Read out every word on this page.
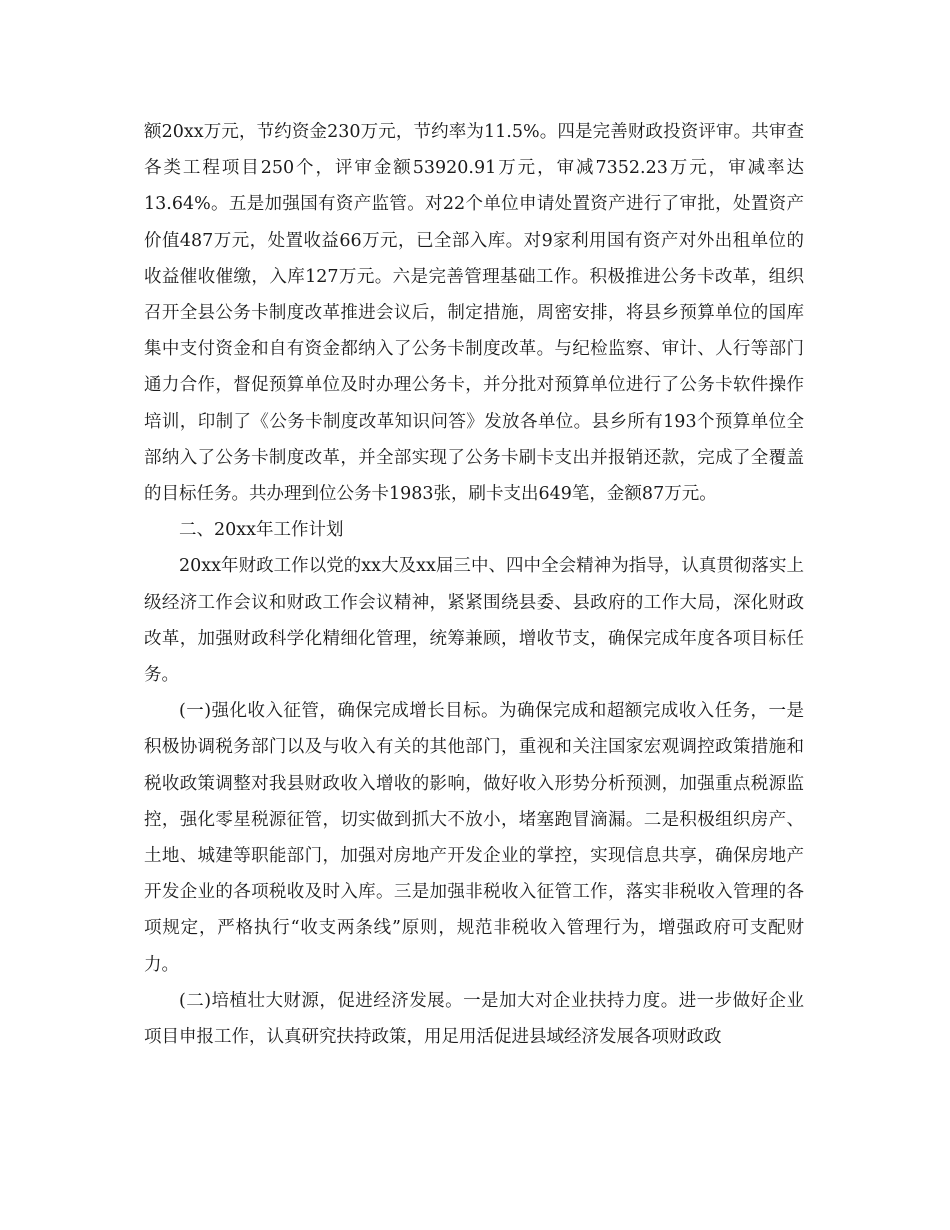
额20xx万元，节约资金230万元，节约率为11.5%。四是完善财政投资评审。共审查各类工程项目250个，评审金额53920.91万元，审减7352.23万元，审减率达13.64%。五是加强国有资产监管。对22个单位申请处置资产进行了审批，处置资产价值487万元，处置收益66万元，已全部入库。对9家利用国有资产对外出租单位的收益催收催缴，入库127万元。六是完善管理基础工作。积极推进公务卡改革，组织召开全县公务卡制度改革推进会议后，制定措施，周密安排，将县乡预算单位的国库集中支付资金和自有资金都纳入了公务卡制度改革。与纪检监察、审计、人行等部门通力合作，督促预算单位及时办理公务卡，并分批对预算单位进行了公务卡软件操作培训，印制了《公务卡制度改革知识问答》发放各单位。县乡所有193个预算单位全部纳入了公务卡制度改革，并全部实现了公务卡刷卡支出并报销还款，完成了全覆盖的目标任务。共办理到位公务卡1983张，刷卡支出649笔，金额87万元。

二、20xx年工作计划

20xx年财政工作以党的xx大及xx届三中、四中全会精神为指导，认真贯彻落实上级经济工作会议和财政工作会议精神，紧紧围绕县委、县政府的工作大局，深化财政改革，加强财政科学化精细化管理，统筹兼顾，增收节支，确保完成年度各项目标任务。

(一)强化收入征管，确保完成增长目标。为确保完成和超额完成收入任务，一是积极协调税务部门以及与收入有关的其他部门，重视和关注国家宏观调控政策措施和税收政策调整对我县财政收入增收的影响，做好收入形势分析预测，加强重点税源监控，强化零星税源征管，切实做到抓大不放小，堵塞跑冒滴漏。二是积极组织房产、土地、城建等职能部门，加强对房地产开发企业的掌控，实现信息共享，确保房地产开发企业的各项税收及时入库。三是加强非税收入征管工作，落实非税收入管理的各项规定，严格执行“收支两条线”原则，规范非税收入管理行为，增强政府可支配财力。

(二)培植壮大财源，促进经济发展。一是加大对企业扶持力度。进一步做好企业项目申报工作，认真研究扶持政策，用足用活促进县域经济发展各项财政政
